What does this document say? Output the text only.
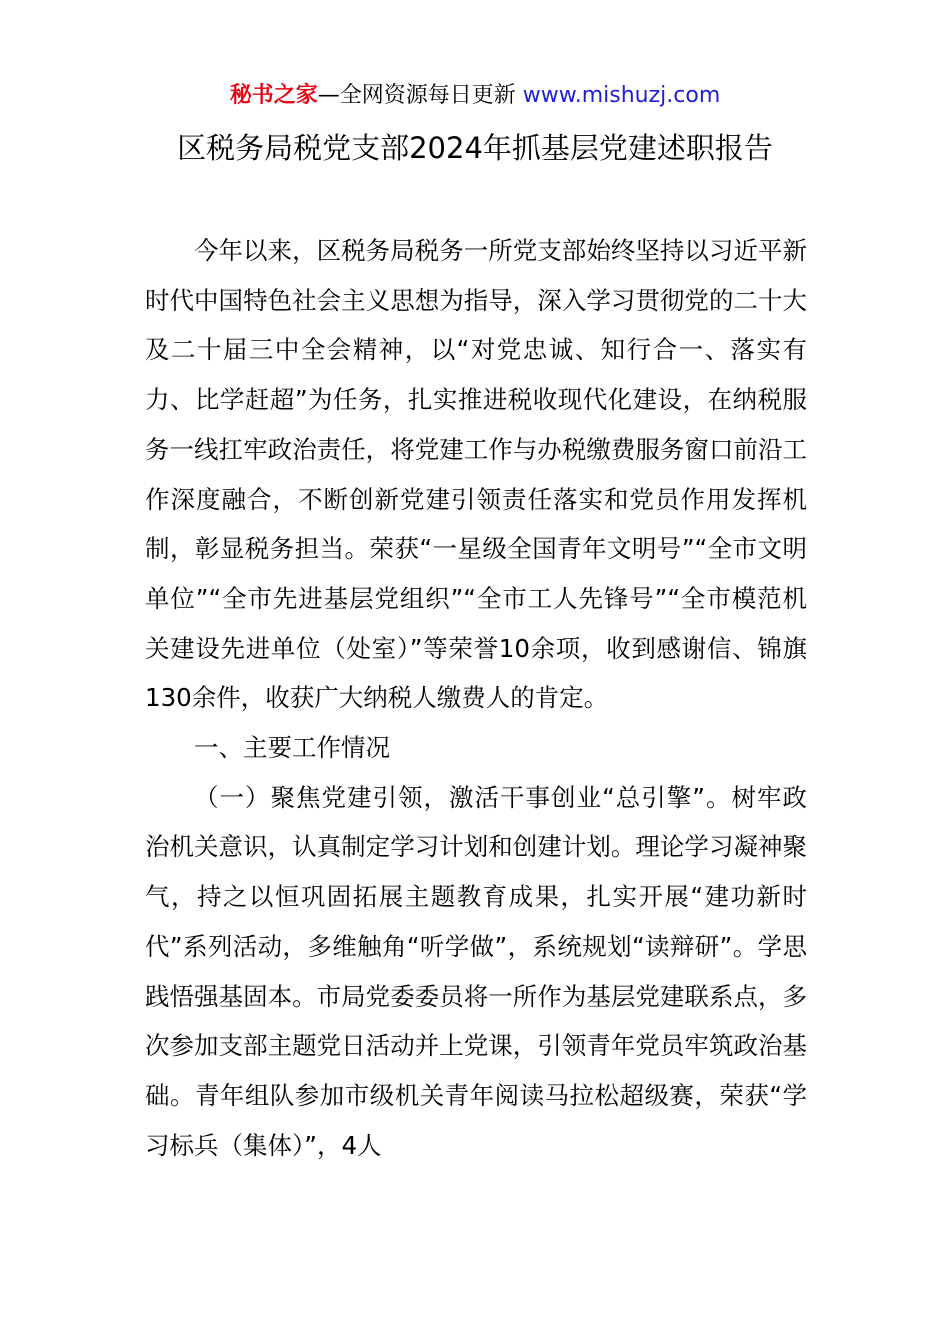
秘书之家—全网资源每日更新 www.mishuzj.com
区税务局税党支部2024年抓基层党建述职报告

今年以来，区税务局税务一所党支部始终坚持以习近平新时代中国特色社会主义思想为指导，深入学习贯彻党的二十大及二十届三中全会精神，以“对党忠诚、知行合一、落实有力、比学赶超”为任务，扎实推进税收现代化建设，在纳税服务一线扛牢政治责任，将党建工作与办税缴费服务窗口前沿工作深度融合，不断创新党建引领责任落实和党员作用发挥机制，彰显税务担当。荣获“一星级全国青年文明号”“全市文明单位”“全市先进基层党组织”“全市工人先锋号”“全市模范机关建设先进单位（处室）”等荣誉10余项，收到感谢信、锦旗130余件，收获广大纳税人缴费人的肯定。

一、主要工作情况

（一）聚焦党建引领，激活干事创业“总引擎”。树牢政治机关意识，认真制定学习计划和创建计划。理论学习凝神聚气，持之以恒巩固拓展主题教育成果，扎实开展“建功新时代”系列活动，多维触角“听学做”，系统规划“读辩研”。学思践悟强基固本。市局党委委员将一所作为基层党建联系点，多次参加支部主题党日活动并上党课，引领青年党员牢筑政治基础。青年组队参加市级机关青年阅读马拉松超级赛，荣获“学习标兵（集体）”，4人
